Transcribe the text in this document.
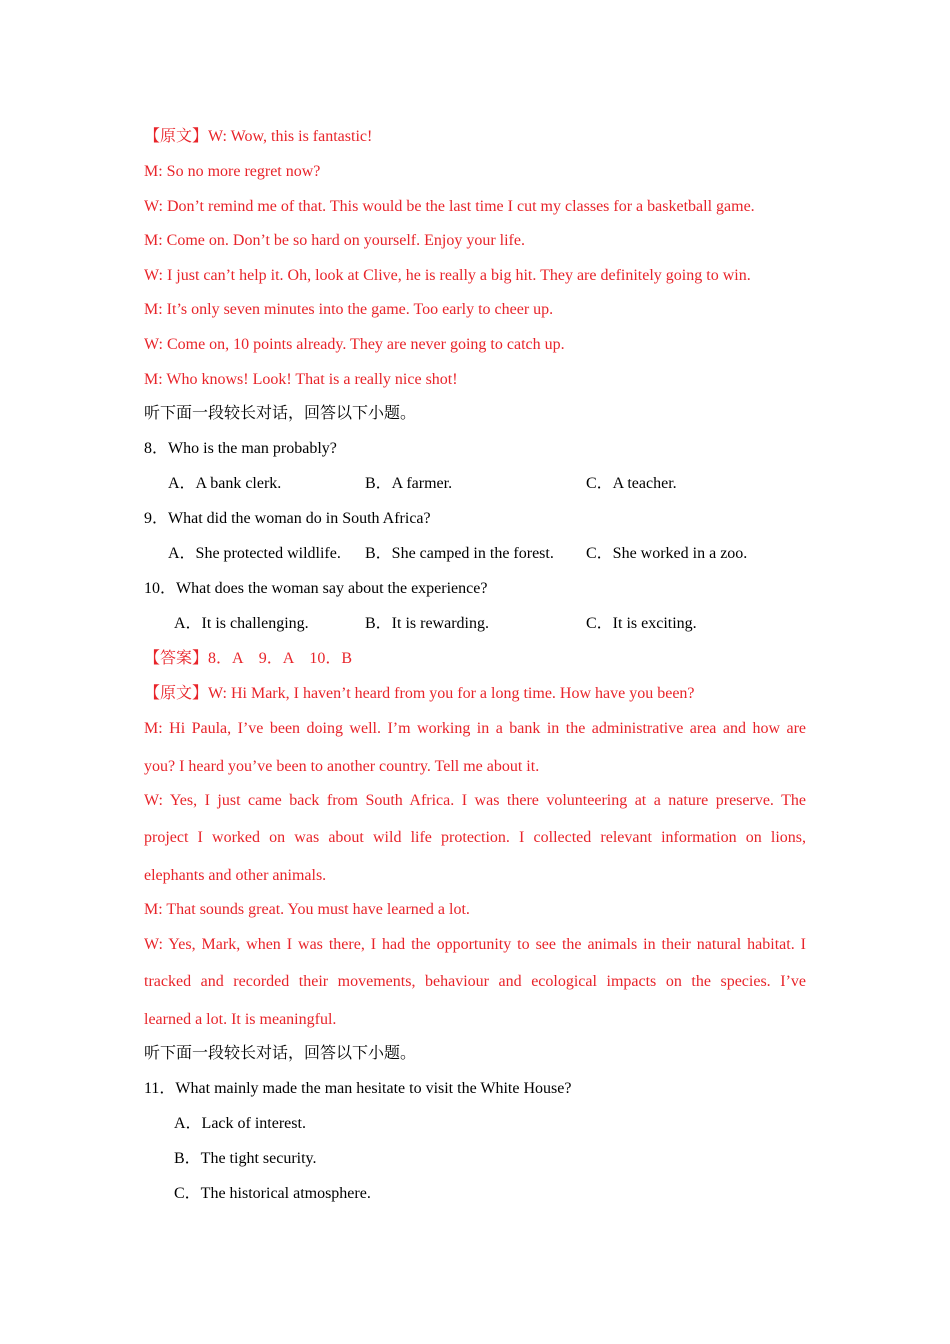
【原文】W: Wow, this is fantastic!
M: So no more regret now?
W: Don’t remind me of that. This would be the last time I cut my classes for a basketball game.
M: Come on. Don’t be so hard on yourself. Enjoy your life.
W: I just can’t help it. Oh, look at Clive, he is really a big hit. They are definitely going to win.
M: It’s only seven minutes into the game. Too early to cheer up.
W: Come on, 10 points already. They are never going to catch up.
M: Who knows! Look! That is a really nice shot!
听下面一段较长对话，回答以下小题。
8．Who is the man probably?
A．A bank clerk.	B．A farmer.	C．A teacher.
9．What did the woman do in South Africa?
A．She protected wildlife. B．She camped in the forest. C．She worked in a zoo.
10．What does the woman say about the experience?
A．It is challenging.	B．It is rewarding.	C．It is exciting.
【答案】8．A　9．A　10．B
【原文】W: Hi Mark, I haven’t heard from you for a long time. How have you been?
M: Hi Paula, I’ve been doing well. I’m working in a bank in the administrative area and how are
you? I heard you’ve been to another country. Tell me about it.
W: Yes, I just came back from South Africa. I was there volunteering at a nature preserve. The
project I worked on was about wild life protection. I collected relevant information on lions,
elephants and other animals.
M: That sounds great. You must have learned a lot.
W: Yes, Mark, when I was there, I had the opportunity to see the animals in their natural habitat. I
tracked and recorded their movements, behaviour and ecological impacts on the species. I’ve
learned a lot. It is meaningful.
听下面一段较长对话，回答以下小题。
11．What mainly made the man hesitate to visit the White House?
A．Lack of interest.
B．The tight security.
C．The historical atmosphere.
